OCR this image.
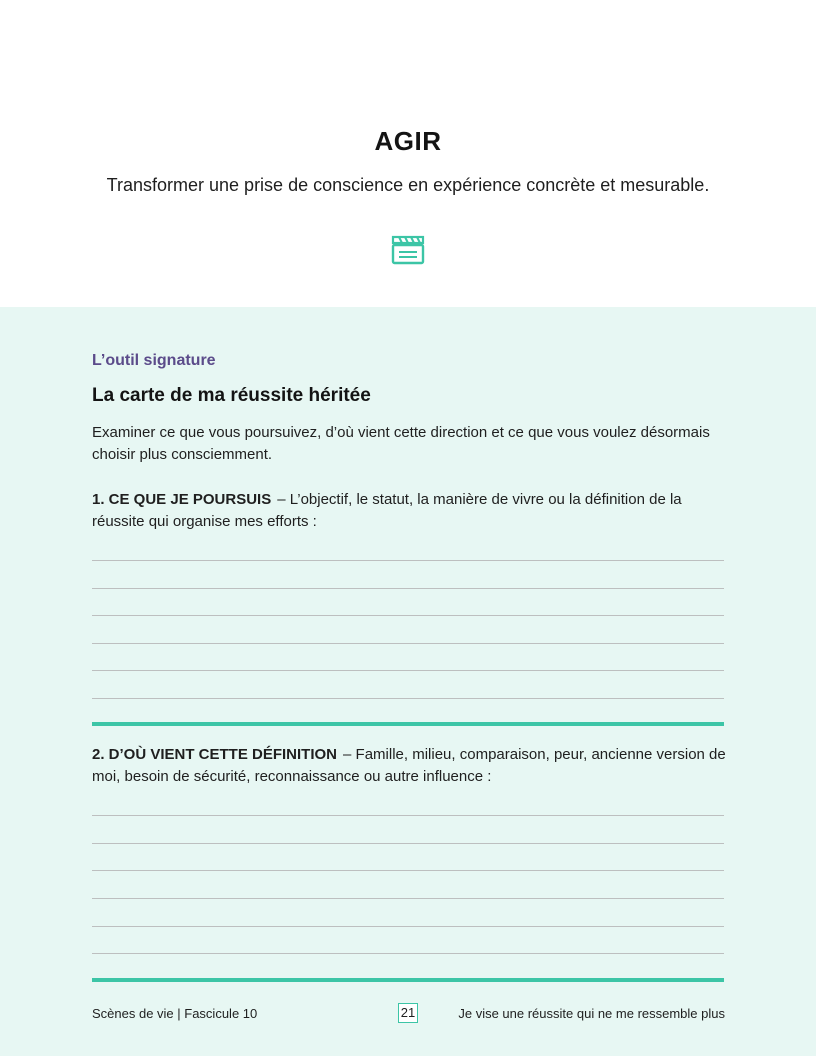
AGIR
Transformer une prise de conscience en expérience concrète et mesurable.
L’outil signature
La carte de ma réussite héritée
Examiner ce que vous poursuivez, d’où vient cette direction et ce que vous voulez désormais choisir plus consciemment.
1. CE QUE JE POURSUIS – L’objectif, le statut, la manière de vivre ou la définition de la réussite qui organise mes efforts :
2. D’OÙ VIENT CETTE DÉFINITION – Famille, milieu, comparaison, peur, ancienne version de moi, besoin de sécurité, reconnaissance ou autre influence :
Scènes de vie | Fascicule 10	21	Je vise une réussite qui ne me ressemble plus
